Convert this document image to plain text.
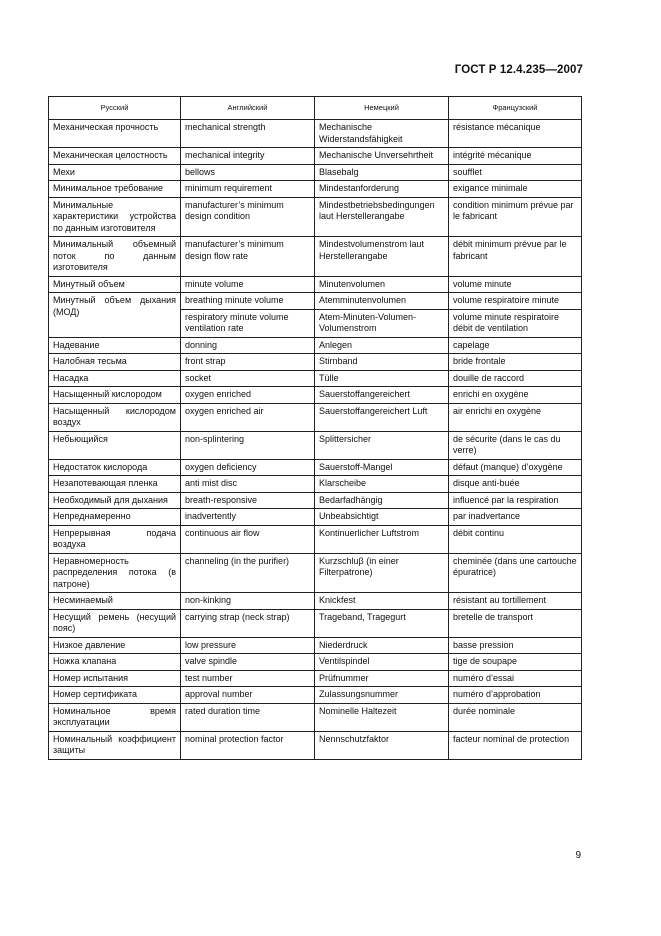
ГОСТ Р 12.4.235—2007
Русский	Английский	Немецкий	Французский
Механическая прочность	mechanical strength	Mechanische Widerstandsfähigkeit	résistance mécanique
Механическая целостность	mechanical integrity	Mechanische Unversehrtheit	intégrité mécanique
Мехи	bellows	Blasebalg	soufflet
Минимальное требование	minimum requirement	Mindestanforderung	exigance minimale
Минимальные характеристики устройства по данным изготовителя	manufacturer’s minimum design condition	Mindestbetriebsbedingungen laut Herstellerangabe	condition minimum prévue par le fabricant
Минимальный объемный поток по данным изготовителя	manufacturer’s minimum design flow rate	Mindestvolumenstrom laut Herstellerangabe	débit minimum prévue par le fabricant
Минутный объем	minute volume	Minutenvolumen	volume minute
Минутный объем дыхания (МОД)	breathing minute volume	Atemminutenvolumen	volume respiratoire minute
	respiratory minute volume ventilation rate	Atem-Minuten-Volumen-Volumenstrom	volume minute respiratoire débit de ventilation
Надевание	donning	Anlegen	capelage
Налобная тесьма	front strap	Stirnband	bride frontale
Насадка	socket	Tülle	douille de raccord
Насыщенный кислородом	oxygen enriched	Sauerstoffangereichert	enrichi en oxygène
Насыщенный кислородом воздух	oxygen enriched air	Sauerstoffangereichert Luft	air enrichi en oxygène
Небьющийся	non-splintering	Splittersicher	de sécurite (dans le cas du verre)
Недостаток кислорода	oxygen deficiency	Sauerstoff-Mangel	défaut (manque) d’oxygène
Незапотевающая пленка	anti mist disc	Klarscheibe	disque anti-buée
Необходимый для дыхания	breath-responsive	Bedarfadhängig	influencé par la respiration
Непреднамеренно	inadvertently	Unbeabsichtigt	par inadvertance
Непрерывная подача воздуха	continuous air flow	Kontinuerlicher Luftstrom	débit continu
Неравномерность распределения потока (в патроне)	channeling (in the purifier)	Kurzschluβ (in einer Filterpatrone)	cheminée (dans une cartouche épuratrice)
Несминаемый	non-kinking	Knickfest	résistant au tortillement
Несущий ремень (несущий пояс)	carrying strap (neck strap)	Trageband, Tragegurt	bretelle de transport
Низкое давление	low pressure	Niederdruck	basse pression
Ножка клапана	valve spindle	Ventilspindel	tige de soupape
Номер испытания	test number	Prüfnummer	numéro d’essai
Номер сертификата	approval number	Zulassungsnummer	numéro d’approbation
Номинальное время эксплуатации	rated duration time	Nominelle Haltezeit	durée nominale
Номинальный коэффициент защиты	nominal protection factor	Nennschutzfaktor	facteur nominal de protection
9
